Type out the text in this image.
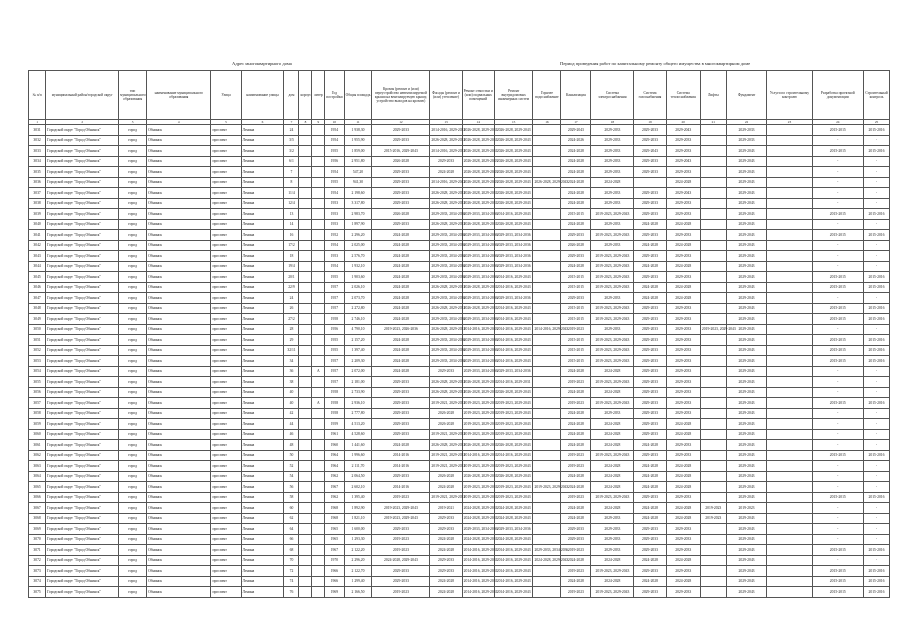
Адрес многоквартирного дома	Период проведения работ по капитальному ремонту общего имущества в многоквартирном доме
№ п/п	муниципальный район/городской округ	тип муниципального образования	наименование муниципального образования	Улица	наименование улицы	дом	корпус	литер	Год постройки	Общая площадь	Кровля (ремонт и (или) переустройство невентилируемой крыши на вентилируемую крышу, устройство выходов на кровлю)	Фасады (ремонт и (или) утепление)	Ремонт отмостки и (или) подвальных помещений	Ремонт внутридомовых инженерных систем	Горячее водоснабжение	Канализация	Система электроснабжения	Система газоснабжения	Система теплоснабжения	Лифты	Фундамент	Услуги по строительному контролю	Разработка проектной документации	Строительный контроль
1	2	3	4	5	6	7	8	9	10	11	12	13	14	15	16	17	18	19	20	21	22	23	24	25
3031	Городской округ "Город Обнинск"	город	Обнинск	проспект	Ленина	24			1954	1 938,30	2029-2033	2014-2016, 2029-2031	2026-2028, 2029-2031	2026-2028, 2029-2043		2029-2043	2029-2033	2029-2033	2029-2043		2029-2033		2015-2015	2015-2016
3032	Городской округ "Город Обнинск"	город	Обнинск	проспект	Ленина	3/5			1954	1 955,90	2029-2033	2026-2028, 2029-2031	2026-2028, 2029-2031	2026-2028, 2029-2043		2024-2026	2029-2033	2029-2033	2029-2033		2029-2033		-	-
3033	Городской округ "Город Обнинск"	город	Обнинск	проспект	Ленина	3/2			1955	1 859,00	2015-2016, 2029-2043	2014-2016, 2029-2031	2026-2028, 2029-2031	2026-2028, 2029-2043		2024-2028	2029-2033	2029-2043	2029-2033		2029-2043		2015-2015	2015-2016
3034	Городской округ "Город Обнинск"	город	Обнинск	проспект	Ленина	6/1			1956	2 951,80	2026-2028	2029-2033	2026-2028, 2029-2043	2026-2028, 2029-2043		2024-2028	2029-2033	2029-2033	2029-2043		2029-2043		-	-
3035	Городской округ "Город Обнинск"	город	Обнинск	проспект	Ленина	7			1954	547,20	2029-2033	2024-2028	2026-2028, 2029-2043	2026-2028, 2029-2043		2024-2028	2029-2033	2029-2033	2029-2033		2029-2043		-	-
3036	Городской округ "Город Обнинск"	город	Обнинск	проспект	Ленина	8			1955	941,30	2029-2033	2014-2016, 2029-2043	2026-2028, 2029-2043	2026-2028, 2029-2043	2026-2028, 2029-2043	2024-2028	2024-2028		2024-2028		2029-2043		-	-
3037	Городской округ "Город Обнинск"	город	Обнинск	проспект	Ленина	11/4			1954	2 198,60	2029-2033	2026-2028, 2029-2031	2026-2028, 2029-2031	2026-2028, 2029-2043		2024-2028	2029-2033	2029-2033	2029-2043		2029-2043		-	-
3038	Городской округ "Город Обнинск"	город	Обнинск	проспект	Ленина	12/4			1953	3 317,80	2029-2033	2026-2028, 2029-2031	2026-2028, 2029-2031	2026-2028, 2029-2043		2024-2028	2029-2033	2029-2033	2029-2033		2029-2043		-	-
3039	Городской округ "Город Обнинск"	город	Обнинск	проспект	Ленина	13			1953	2 983,70	2026-2028	2029-2033, 2034-2036	2029-2033, 2034-2036	2014-2016, 2029-2043		2015-2015	2019-2023, 2029-2043	2029-2033	2029-2033		2029-2043		2015-2015	2015-2016
3040	Городской округ "Город Обнинск"	город	Обнинск	проспект	Ленина	14			1953	1 897,90	2029-2033	2026-2028, 2029-2031	2026-2028, 2029-2031	2026-2028, 2029-2043		2024-2028	2029-2033	2024-2028	2024-2028		2029-2043		-	-
3041	Городской округ "Город Обнинск"	город	Обнинск	проспект	Ленина	16			1952	2 296,20	2024-2028	2029-2033, 2034-2036	2029-2033, 2034-2036	2029-2033, 2034-2036		2029-2033	2019-2023, 2029-2043	2029-2033	2029-2033		2029-2043		2015-2015	2015-2016
3042	Городской округ "Город Обнинск"	город	Обнинск	проспект	Ленина	17/2			1954	2 025,00	2024-2028	2029-2033, 2034-2036	2029-2033, 2034-2036	2029-2033, 2034-2036		2026-2028	2029-2033	2024-2028	2024-2028		2029-2043		-	-
3043	Городской округ "Город Обнинск"	город	Обнинск	проспект	Ленина	18			1953	2 576,70	2024-2028	2029-2033, 2034-2036	2029-2033, 2034-2036	2029-2033, 2034-2036		2029-2033	2019-2023, 2029-2043	2029-2033	2029-2033		2029-2043		-	-
3044	Городской округ "Город Обнинск"	город	Обнинск	проспект	Ленина	19/4			1954	1 932,10	2024-2028	2029-2033, 2034-2036	2029-2033, 2034-2036	2029-2033, 2034-2036		2024-2028	2019-2023, 2029-2043	2024-2028	2024-2028		2029-2043		-	-
3045	Городской округ "Город Обнинск"	город	Обнинск	проспект	Ленина	20/1			1955	1 903,60	2024-2028	2029-2033, 2034-2036	2029-2033, 2034-2036	2014-2016, 2029-2043		2015-2015	2019-2023, 2029-2043	2029-2033	2029-2033		2029-2043		2015-2015	2015-2016
3046	Городской округ "Город Обнинск"	город	Обнинск	проспект	Ленина	22/9			1957	2 026,10	2024-2028	2026-2028, 2029-2031	2026-2028, 2029-2031	2014-2016, 2029-2043		2015-2015	2019-2023, 2029-2043	2024-2028	2024-2028		2029-2043		2015-2015	2015-2016
3047	Городской округ "Город Обнинск"	город	Обнинск	проспект	Ленина	24			1957	2 073,70	2024-2028	2029-2033, 2034-2036	2029-2033, 2034-2036	2029-2033, 2034-2036		2029-2033	2029-2033	2024-2028	2024-2028		2029-2043		-	-
3048	Городской округ "Город Обнинск"	город	Обнинск	проспект	Ленина	26			1957	2 272,80	2024-2028	2026-2028, 2029-2031	2026-2028, 2029-2031	2014-2016, 2029-2043		2015-2015	2019-2023, 2029-2043	2029-2033	2029-2033		2029-2043		2015-2015	2015-2016
3049	Городской округ "Город Обнинск"	город	Обнинск	проспект	Ленина	27/2			1958	2 746,10	2024-2028	2029-2033, 2034-2036	2029-2033, 2034-2036	2014-2016, 2029-2043		2015-2015	2019-2023, 2029-2043	2029-2033	2029-2033		2029-2043		2015-2015	2015-2016
3050	Городской округ "Город Обнинск"	город	Обнинск	проспект	Ленина	28			1956	4 790,10	2019-2023, 2026-2036	2026-2028, 2029-2031	2014-2016, 2029-2043	2014-2016, 2029-2043	2014-2016, 2029-2043	2019-2023	2029-2033	2029-2033	2029-2033	2019-2023, 2029-2043	2029-2043		-	-
3051	Городской округ "Город Обнинск"	город	Обнинск	проспект	Ленина	29			1955	2 157,20	2024-2028	2029-2033, 2034-2036	2029-2033, 2034-2036	2014-2016, 2029-2043		2015-2015	2019-2023, 2029-2043	2029-2033	2029-2033		2029-2043		2015-2015	2015-2016
3052	Городской округ "Город Обнинск"	город	Обнинск	проспект	Ленина	32/11			1955	1 397,40	2024-2028	2029-2033, 2034-2036	2029-2033, 2034-2036	2014-2016, 2029-2043		2015-2015	2019-2023, 2029-2043	2029-2033	2029-2033		2029-2043		2015-2015	2015-2016
3053	Городской округ "Город Обнинск"	город	Обнинск	проспект	Ленина	34			1957	2 209,30	2024-2028	2029-2033, 2034-2036	2029-2033, 2034-2036	2014-2016, 2029-2043		2015-2015	2019-2023, 2029-2043	2029-2033	2029-2033		2029-2043		2015-2015	2015-2016
3054	Городской округ "Город Обнинск"	город	Обнинск	проспект	Ленина	36		А	1957	2 072,00	2024-2028	2029-2033	2029-2033, 2034-2036	2029-2033, 2034-2036		2024-2028	2024-2028	2029-2033	2029-2033		2029-2043		-	-
3055	Городской округ "Город Обнинск"	город	Обнинск	проспект	Ленина	38			1957	2 181,00	2029-2033	2026-2028, 2029-2031	2026-2028, 2029-2031	2014-2016, 2029-2031		2019-2023	2019-2023, 2029-2043	2029-2033	2029-2033		2029-2043		-	-
3056	Городской округ "Город Обнинск"	город	Обнинск	проспект	Ленина	40			1958	2 733,90	2029-2033	2026-2028, 2029-2031	2026-2028, 2029-2031	2026-2028, 2029-2043		2024-2028	2024-2028	2029-2033	2029-2033		2029-2043		-	-
3057	Городской округ "Город Обнинск"	город	Обнинск	проспект	Ленина	40		А	1958	2 936,10	2029-2033	2019-2021, 2029-2031	2019-2023, 2029-2031	2019-2023, 2029-2043		2019-2023	2019-2023, 2029-2043	2029-2033	2029-2033		2029-2043		2015-2015	2015-2016
3058	Городской округ "Город Обнинск"	город	Обнинск	проспект	Ленина	42			1958	2 777,80	2029-2033	2026-2028	2019-2023, 2029-2031	2019-2023, 2029-2043		2024-2028	2029-2033	2029-2033	2029-2033		2029-2043		-	-
3059	Городской округ "Город Обнинск"	город	Обнинск	проспект	Ленина	44			1959	4 513,20	2029-2033	2026-2028	2019-2023, 2029-2031	2019-2023, 2029-2043		2024-2028	2024-2028	2029-2033	2024-2028		2029-2043		-	-
3060	Городской округ "Город Обнинск"	город	Обнинск	проспект	Ленина	46			1961	4 528,60	2029-2033	2019-2021, 2029-2031	2019-2023, 2029-2031	2019-2023, 2029-2043		2024-2028	2024-2028	2029-2033	2024-2028		2029-2043		-	-
3061	Городской округ "Город Обнинск"	город	Обнинск	проспект	Ленина	48			1960	1 441,60	2024-2028	2026-2028, 2029-2031	2026-2028, 2029-2031	2026-2028, 2029-2043		2024-2028	2024-2028	2024-2028	2029-2033		2029-2043		-	-
3062	Городской округ "Город Обнинск"	город	Обнинск	проспект	Ленина	50			1964	1 996,60	2014-2016	2019-2021, 2029-2031	2014-2016, 2029-2031	2014-2016, 2029-2043		2019-2023	2019-2023, 2029-2043	2029-2033	2029-2033		2029-2043		2015-2015	2015-2016
3063	Городской округ "Город Обнинск"	город	Обнинск	проспект	Ленина	52			1964	2 111,70	2014-2016	2019-2021, 2029-2031	2019-2023, 2029-2031	2019-2023, 2029-2043		2019-2023	2024-2028	2024-2028	2024-2028		2029-2043		-	-
3064	Городской округ "Город Обнинск"	город	Обнинск	проспект	Ленина	54			1962	2 064,50	2029-2033	2026-2028	2026-2028, 2029-2031	2026-2028, 2029-2043		2024-2028	2024-2028	2024-2028	2024-2028		2029-2043		-	-
3065	Городской округ "Город Обнинск"	город	Обнинск	проспект	Ленина	56			1967	2 602,10	2014-2016	2024-2028	2019-2023, 2029-2031	2019-2023, 2029-2043	2019-2023, 2029-2043	2024-2028	2024-2028	2024-2028	2024-2028		2029-2043		-	-
3066	Городской округ "Город Обнинск"	город	Обнинск	проспект	Ленина	58			1962	1 395,40	2019-2023	2019-2021, 2029-2031	2019-2023, 2029-2031	2019-2023, 2029-2043		2019-2023	2019-2023, 2029-2043	2029-2033	2029-2033		2029-2043		2015-2015	2015-2016
3067	Городской округ "Город Обнинск"	город	Обнинск	проспект	Ленина	60			1968	1 892,90	2019-2023, 2029-2043	2019-2021	2024-2028, 2029-2031	2024-2028, 2029-2043		2024-2028	2024-2028	2024-2028	2024-2028	2019-2023	2019-2023		-	-
3068	Городской округ "Город Обнинск"	город	Обнинск	проспект	Ленина	62			1968	1 821,10	2019-2023, 2029-2043	2029-2033	2024-2028, 2029-2031	2024-2028, 2029-2043		2024-2028	2029-2033	2024-2028	2024-2028	2019-2023	2029-2043		-	-
3069	Городской округ "Город Обнинск"	город	Обнинск	проспект	Ленина	64			1965	1 600,00	2029-2033	2029-2033	2029-2033, 2034-2036	2029-2033, 2034-2036		2029-2033	2029-2033	2029-2033	2029-2033		2029-2043		-	-
3070	Городской округ "Город Обнинск"	город	Обнинск	проспект	Ленина	66			1965	1 293,30	2019-2023	2024-2028	2024-2028, 2029-2031	2024-2028, 2029-2043		2029-2033	2029-2033	2029-2033	2029-2033		2029-2043		-	-
3071	Городской округ "Город Обнинск"	город	Обнинск	проспект	Ленина	68			1967	2 122,20	2019-2023	2024-2028	2014-2016, 2029-2031	2014-2016, 2029-2043	2029-2033, 2034-2036	2019-2023	2029-2033	2029-2033	2029-2033		2029-2043		2015-2015	2015-2016
3072	Городской округ "Город Обнинск"	город	Обнинск	проспект	Ленина	70			1970	2 296,20	2024-2028, 2029-2043	2029-2033	2014-2016, 2029-2031	2014-2016, 2029-2043	2024-2028, 2029-2043	2024-2028	2024-2028	2024-2028	2024-2028		2029-2043		-	-
3073	Городской округ "Город Обнинск"	город	Обнинск	проспект	Ленина	72			1966	2 122,70	2029-2033	2029-2033	2014-2016, 2029-2031	2014-2016, 2029-2043		2019-2023	2019-2023, 2029-2043	2029-2033	2029-2033		2029-2043		2015-2015	2015-2016
3074	Городской округ "Город Обнинск"	город	Обнинск	проспект	Ленина	74			1966	1 299,40	2029-2033	2024-2028	2014-2016, 2029-2031	2014-2016, 2029-2043		2024-2028	2024-2028	2024-2028	2024-2028		2029-2043		2015-2015	2015-2016
3075	Городской округ "Город Обнинск"	город	Обнинск	проспект	Ленина	76			1969	2 166,50	2019-2023	2024-2028	2014-2016, 2029-2031	2014-2016, 2029-2043		2019-2023	2019-2023, 2029-2043	2029-2033	2029-2033		2029-2043		2015-2015	2015-2016
